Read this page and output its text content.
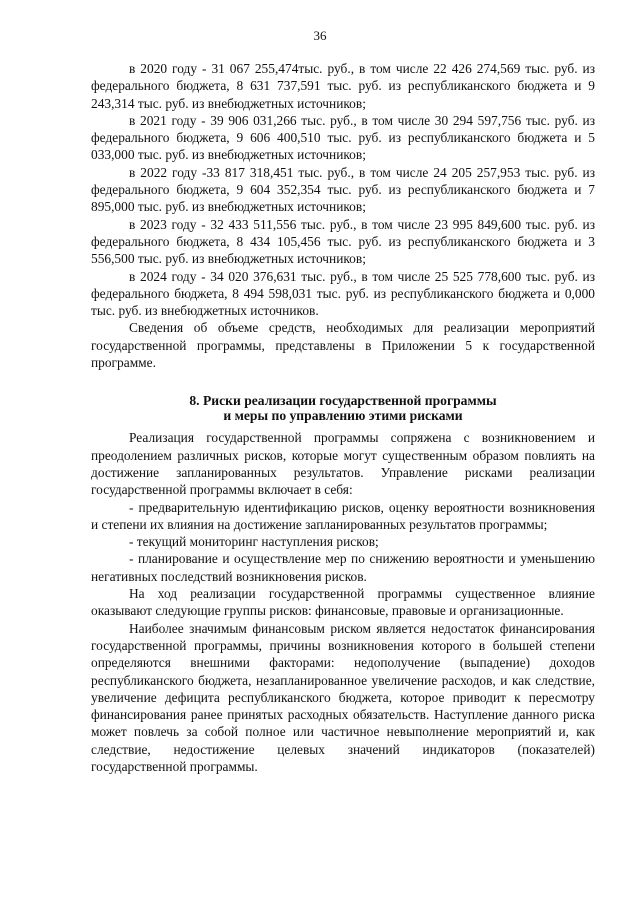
36

в 2020 году - 31 067 255,474тыс. руб., в том числе 22 426 274,569 тыс. руб. из федерального бюджета, 8 631 737,591 тыс. руб. из республиканского бюджета и 9 243,314 тыс. руб. из внебюджетных источников;

в 2021 году - 39 906 031,266 тыс. руб., в том числе 30 294 597,756 тыс. руб. из федерального бюджета, 9 606 400,510 тыс. руб. из республиканского бюджета и 5 033,000 тыс. руб. из внебюджетных источников;

в 2022 году -33 817 318,451 тыс. руб., в том числе 24 205 257,953 тыс. руб. из федерального бюджета, 9 604 352,354 тыс. руб. из республиканского бюджета и 7 895,000 тыс. руб. из внебюджетных источников;

в 2023 году - 32 433 511,556 тыс. руб., в том числе 23 995 849,600 тыс. руб. из федерального бюджета, 8 434 105,456 тыс. руб. из республиканского бюджета и 3 556,500 тыс. руб. из внебюджетных источников;

в 2024 году - 34 020 376,631 тыс. руб., в том числе 25 525 778,600 тыс. руб. из федерального бюджета, 8 494 598,031 тыс. руб. из республиканского бюджета и 0,000 тыс. руб. из внебюджетных источников.

Сведения об объеме средств, необходимых для реализации мероприятий государственной программы, представлены в Приложении 5 к государственной программе.

8. Риски реализации государственной программы
и меры по управлению этими рисками

Реализация государственной программы сопряжена с возникновением и преодолением различных рисков, которые могут существенным образом повлиять на достижение запланированных результатов. Управление рисками реализации государственной программы включает в себя:

- предварительную идентификацию рисков, оценку вероятности возникновения и степени их влияния на достижение запланированных результатов программы;

- текущий мониторинг наступления рисков;

- планирование и осуществление мер по снижению вероятности и уменьшению негативных последствий возникновения рисков.

На ход реализации государственной программы существенное влияние оказывают следующие группы рисков: финансовые, правовые и организационные.

Наиболее значимым финансовым риском является недостаток финансирования государственной программы, причины возникновения которого в большей степени определяются внешними факторами: недополучение (выпадение) доходов республиканского бюджета, незапланированное увеличение расходов, и как следствие, увеличение дефицита республиканского бюджета, которое приводит к пересмотру финансирования ранее принятых расходных обязательств. Наступление данного риска может повлечь за собой полное или частичное невыполнение мероприятий и, как следствие, недостижение целевых значений индикаторов (показателей) государственной программы.
